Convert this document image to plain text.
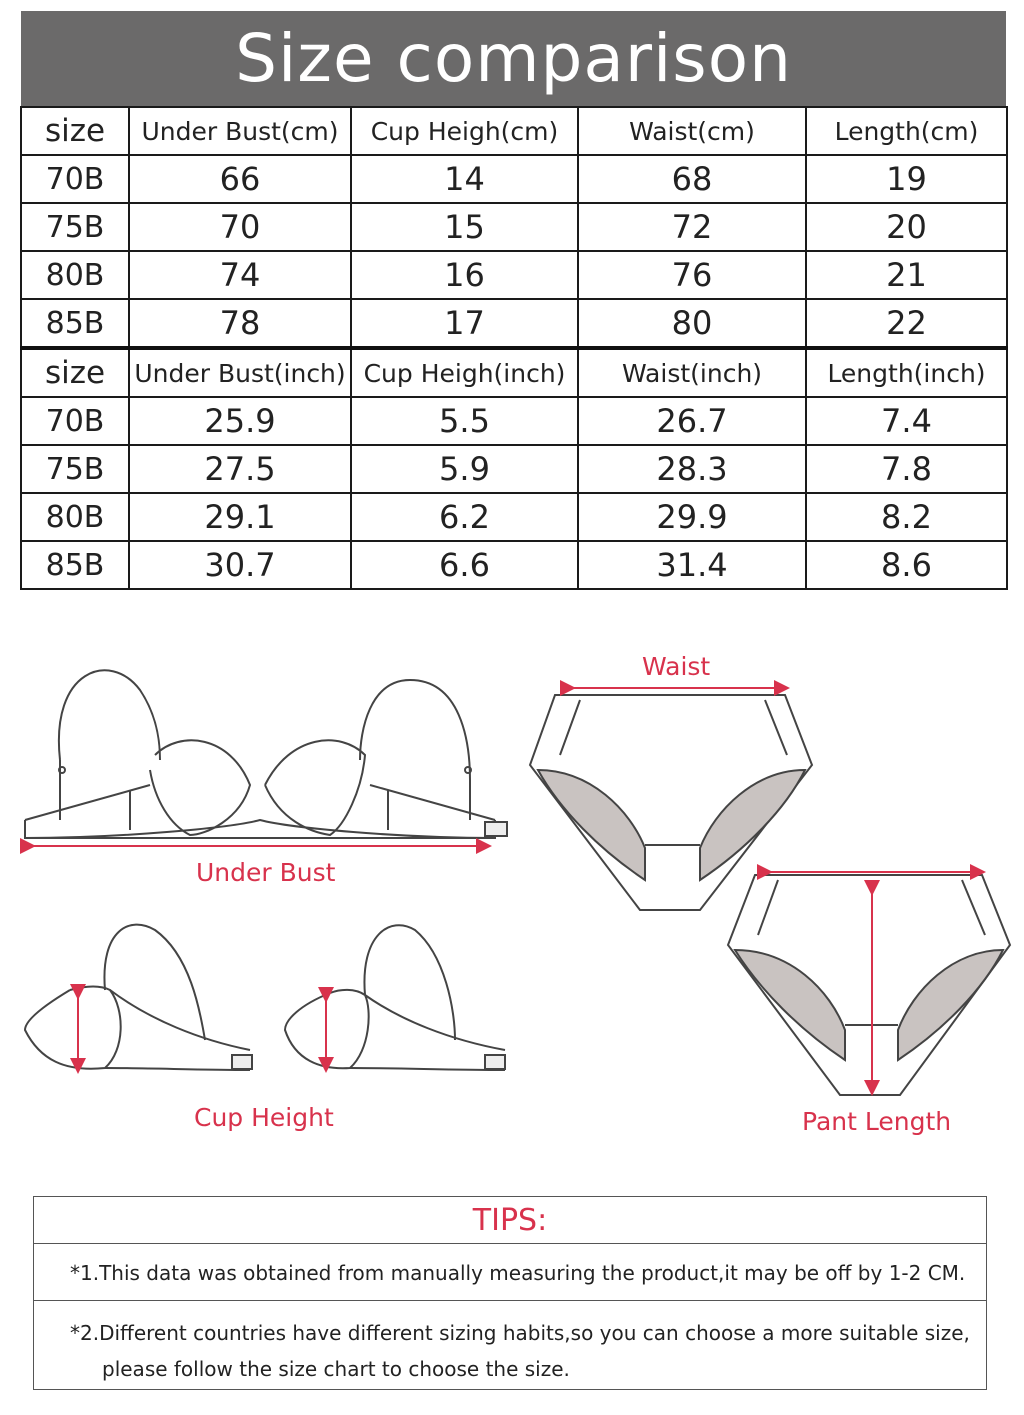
Size comparison
size	Under Bust(cm)	Cup Heigh(cm)	Waist(cm)	Length(cm)
70B	66	14	68	19
75B	70	15	72	20
80B	74	16	76	21
85B	78	17	80	22
size	Under Bust(inch)	Cup Heigh(inch)	Waist(inch)	Length(inch)
70B	25.9	5.5	26.7	7.4
75B	27.5	5.9	28.3	7.8
80B	29.1	6.2	29.9	8.2
85B	30.7	6.6	31.4	8.6
Under Bust
Cup Height
Waist
Pant Length
TIPS:
*1.This data was obtained from manually measuring the product,it may be off by 1-2 CM.
*2.Different countries have different sizing habits,so you can choose a more suitable size,
please follow the size chart to choose the size.
